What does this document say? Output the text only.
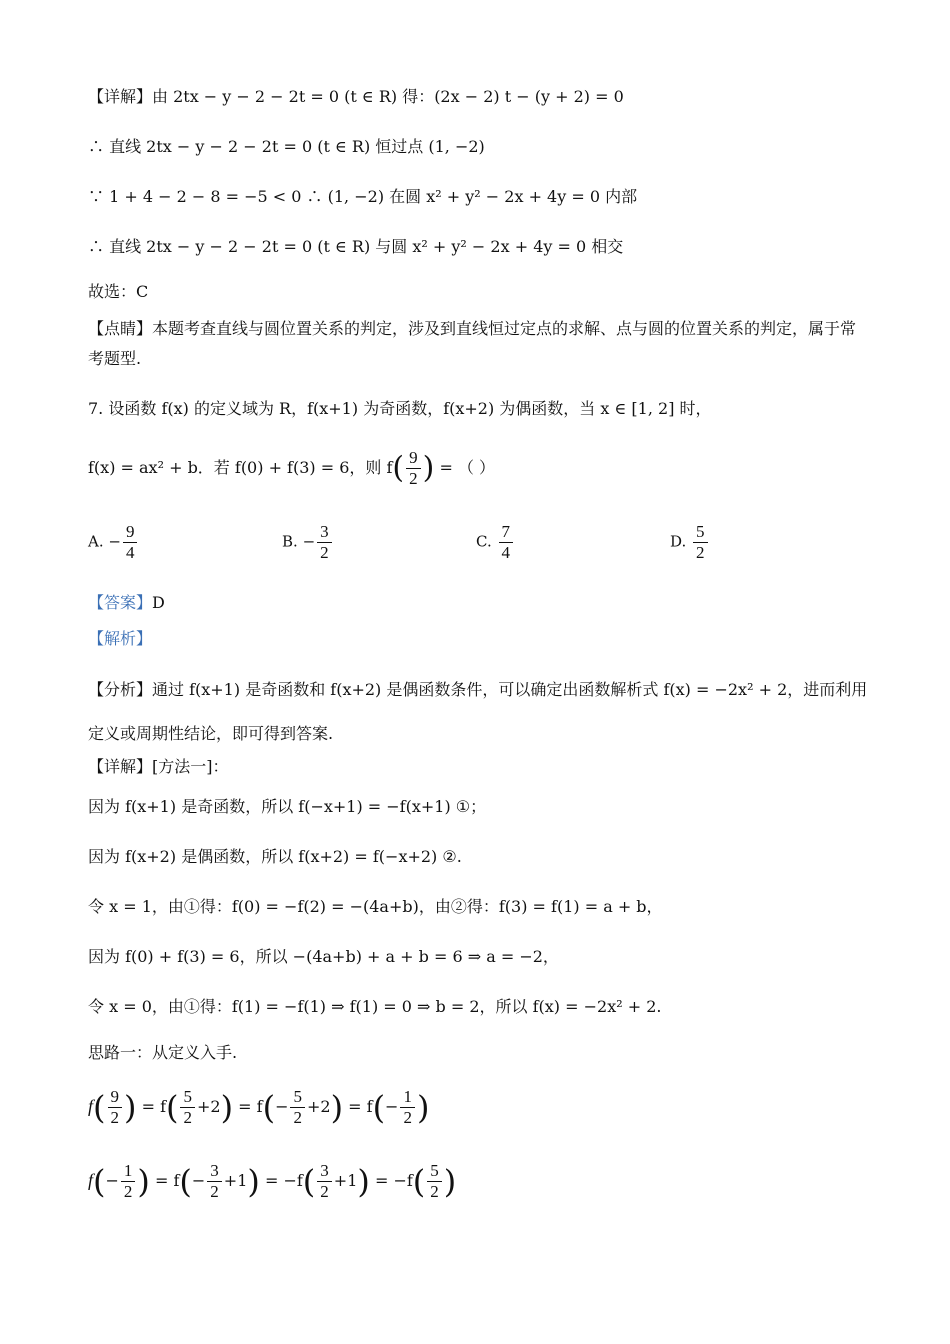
【详解】由 2tx − y − 2 − 2t = 0 (t ∈ R) 得：(2x − 2) t − (y + 2) = 0
∴ 直线 2tx − y − 2 − 2t = 0 (t ∈ R) 恒过点 (1, −2)
∵ 1 + 4 − 2 − 8 = −5 < 0 ∴ (1, −2) 在圆 x² + y² − 2x + 4y = 0 内部
∴ 直线 2tx − y − 2 − 2t = 0 (t ∈ R) 与圆 x² + y² − 2x + 4y = 0 相交
故选：C
【点睛】本题考查直线与圆位置关系的判定，涉及到直线恒过定点的求解、点与圆的位置关系的判定，属于常考题型.
7. 设函数 f(x) 的定义域为 R，f(x+1) 为奇函数，f(x+2) 为偶函数，当 x ∈ [1, 2] 时，
f(x) = ax² + b．若 f(0) + f(3) = 6，则 $f( \frac{9}{2}$ ) = （ ）
A. − $\frac{9}{4}$	B. − $\frac{3}{2}$	C. $\frac{7}{4}$	D. $\frac{5}{2}$
【答案】D
【解析】
【分析】通过 f(x+1) 是奇函数和 f(x+2) 是偶函数条件，可以确定出函数解析式 f(x) = −2x² + 2，进而利用定义或周期性结论，即可得到答案.
【详解】[方法一]：
因为 f(x+1) 是奇函数，所以 f(−x+1) = −f(x+1) ①；
因为 f(x+2) 是偶函数，所以 f(x+2) = f(−x+2) ②.
令 x = 1，由①得：f(0) = −f(2) = −(4a+b)，由②得：f(3) = f(1) = a + b，
因为 f(0) + f(3) = 6，所以 −(4a+b) + a + b = 6 ⇒ a = −2，
令 x = 0，由①得：f(1) = −f(1) ⇒ f(1) = 0 ⇒ b = 2，所以 f(x) = −2x² + 2.
思路一：从定义入手.
$f( \frac{9}{2}$ ) = $f( \frac{5}{2} +2) = f(- \frac{5}{2} +2) = f(- \frac{1}{2}$ )
$f(- \frac{1}{2}$ ) = $f(- \frac{3}{2} +1) = -f( \frac{3}{2} +1) = -f( \frac{5}{2}$ )
